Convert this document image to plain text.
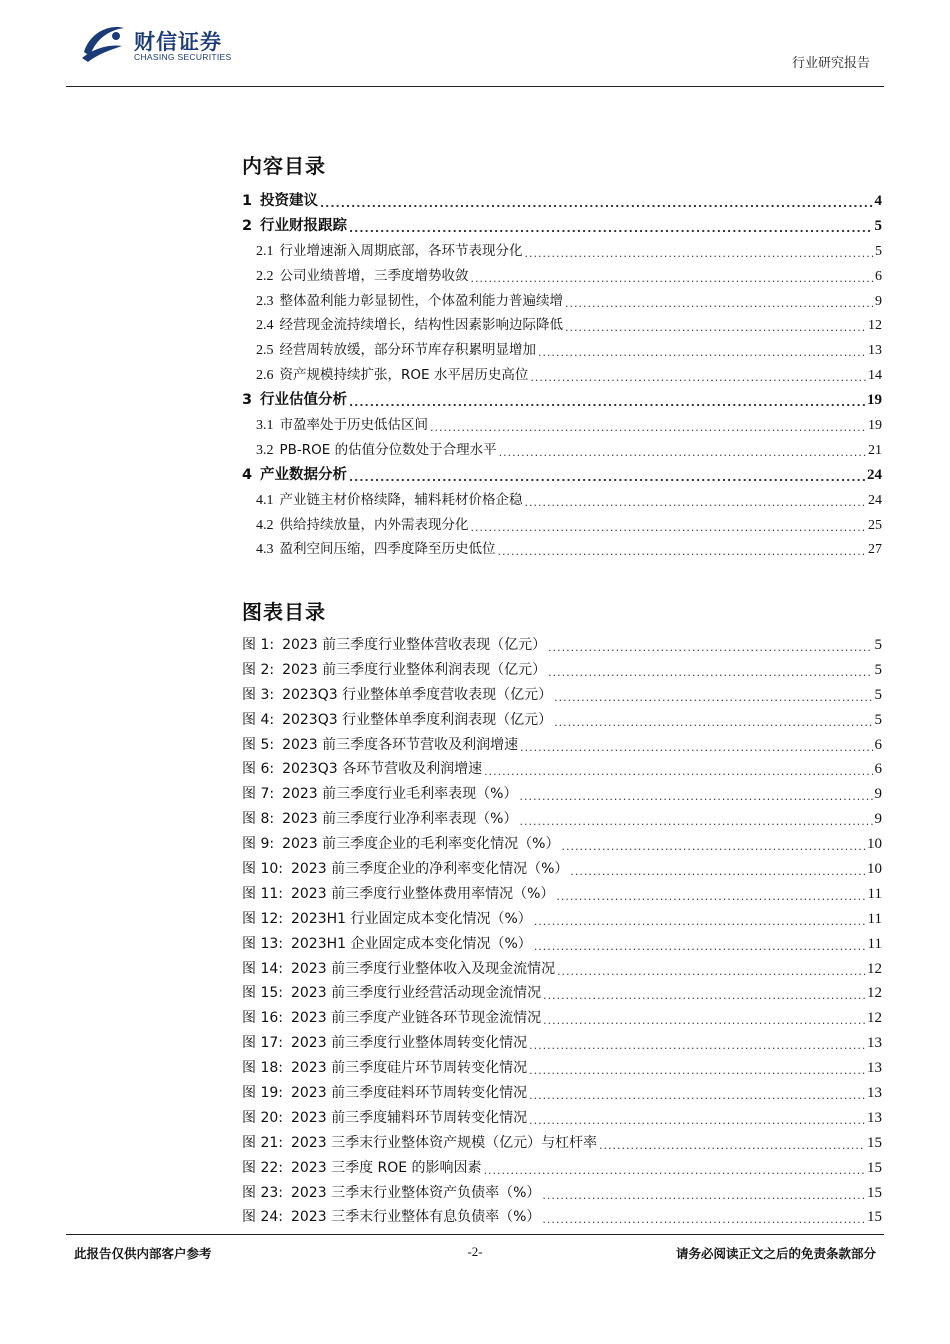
财信证券
CHASING SECURITIES	行业研究报告
内容目录
1 投资建议 .....	4
2 行业财报跟踪 .....	5
2.1 行业增速渐入周期底部，各环节表现分化 .....	5
2.2 公司业绩普增，三季度增势收敛 .....	6
2.3 整体盈利能力彰显韧性，个体盈利能力普遍续增 .....	9
2.4 经营现金流持续增长，结构性因素影响边际降低 .....	12
2.5 经营周转放缓，部分环节库存积累明显增加 .....	13
2.6 资产规模持续扩张，ROE 水平居历史高位 .....	14
3 行业估值分析 .....	19
3.1 市盈率处于历史低估区间 .....	19
3.2 PB-ROE 的估值分位数处于合理水平 .....	21
4 产业数据分析 .....	24
4.1 产业链主材价格续降，辅料耗材价格企稳 .....	24
4.2 供给持续放量，内外需表现分化 .....	25
4.3 盈利空间压缩，四季度降至历史低位 .....	27
图表目录
图 1: 2023 前三季度行业整体营收表现（亿元） .....	5
图 2: 2023 前三季度行业整体利润表现（亿元） .....	5
图 3: 2023Q3 行业整体单季度营收表现（亿元） .....	5
图 4: 2023Q3 行业整体单季度利润表现（亿元） .....	5
图 5: 2023 前三季度各环节营收及利润增速 .....	6
图 6: 2023Q3 各环节营收及利润增速 .....	6
图 7: 2023 前三季度行业毛利率表现（%） .....	9
图 8: 2023 前三季度行业净利率表现（%） .....	9
图 9: 2023 前三季度企业的毛利率变化情况（%） .....	10
图 10: 2023 前三季度企业的净利率变化情况（%） .....	10
图 11: 2023 前三季度行业整体费用率情况（%） .....	11
图 12: 2023H1 行业固定成本变化情况（%） .....	11
图 13: 2023H1 企业固定成本变化情况（%） .....	11
图 14: 2023 前三季度行业整体收入及现金流情况 .....	12
图 15: 2023 前三季度行业经营活动现金流情况 .....	12
图 16: 2023 前三季度产业链各环节现金流情况 .....	12
图 17: 2023 前三季度行业整体周转变化情况 .....	13
图 18: 2023 前三季度硅片环节周转变化情况 .....	13
图 19: 2023 前三季度硅料环节周转变化情况 .....	13
图 20: 2023 前三季度辅料环节周转变化情况 .....	13
图 21: 2023 三季末行业整体资产规模（亿元）与杠杆率 .....	15
图 22: 2023 三季度 ROE 的影响因素 .....	15
图 23: 2023 三季末行业整体资产负债率（%） .....	15
图 24: 2023 三季末行业整体有息负债率（%） .....	15
-2-
此报告仅供内部客户参考	请务必阅读正文之后的免责条款部分
